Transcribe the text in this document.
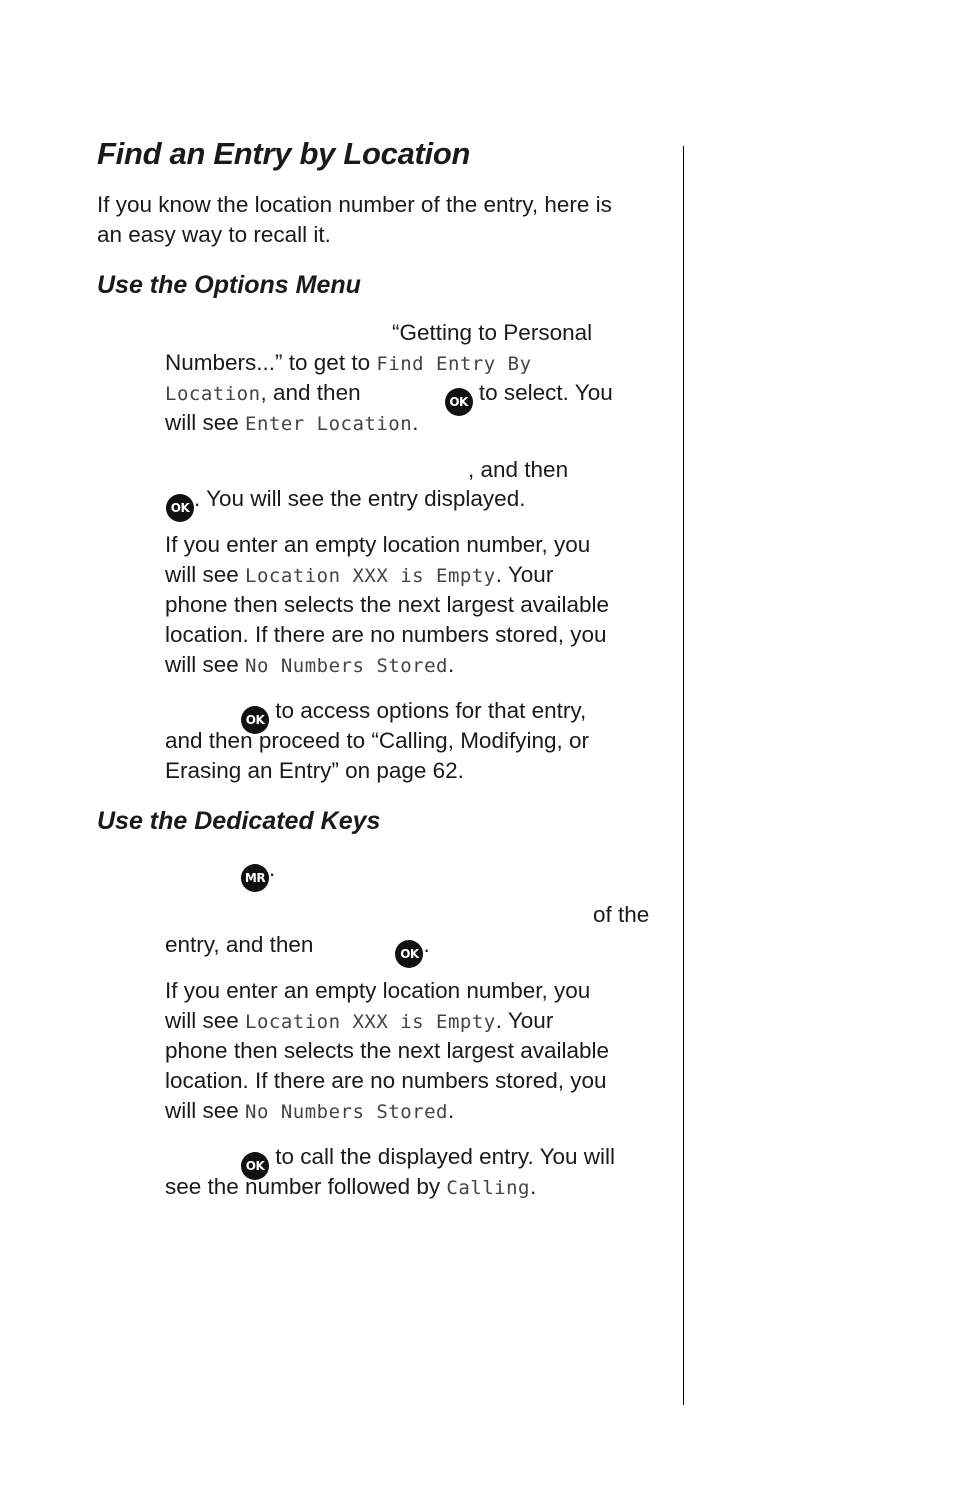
Find an Entry by Location

If you know the location number of the entry, here is

an easy way to recall it.

Use the Options Menu

“Getting to Personal

Numbers...” to get to Find Entry By

Location, and then	OK to select. You

will see Enter Location.

, and then

OK . You will see the entry displayed.

If you enter an empty location number, you

will see Location XXX is Empty. Your

phone then selects the next largest available

location. If there are no numbers stored, you

will see No Numbers Stored.

OK to access options for that entry,

and then proceed to “Calling, Modifying, or

Erasing an Entry” on page 62.

Use the Dedicated Keys

MR .

of the

entry, and then	OK .

If you enter an empty location number, you

will see Location XXX is Empty. Your

phone then selects the next largest available

location. If there are no numbers stored, you

will see No Numbers Stored.

OK to call the displayed entry. You will

see the number followed by Calling.
